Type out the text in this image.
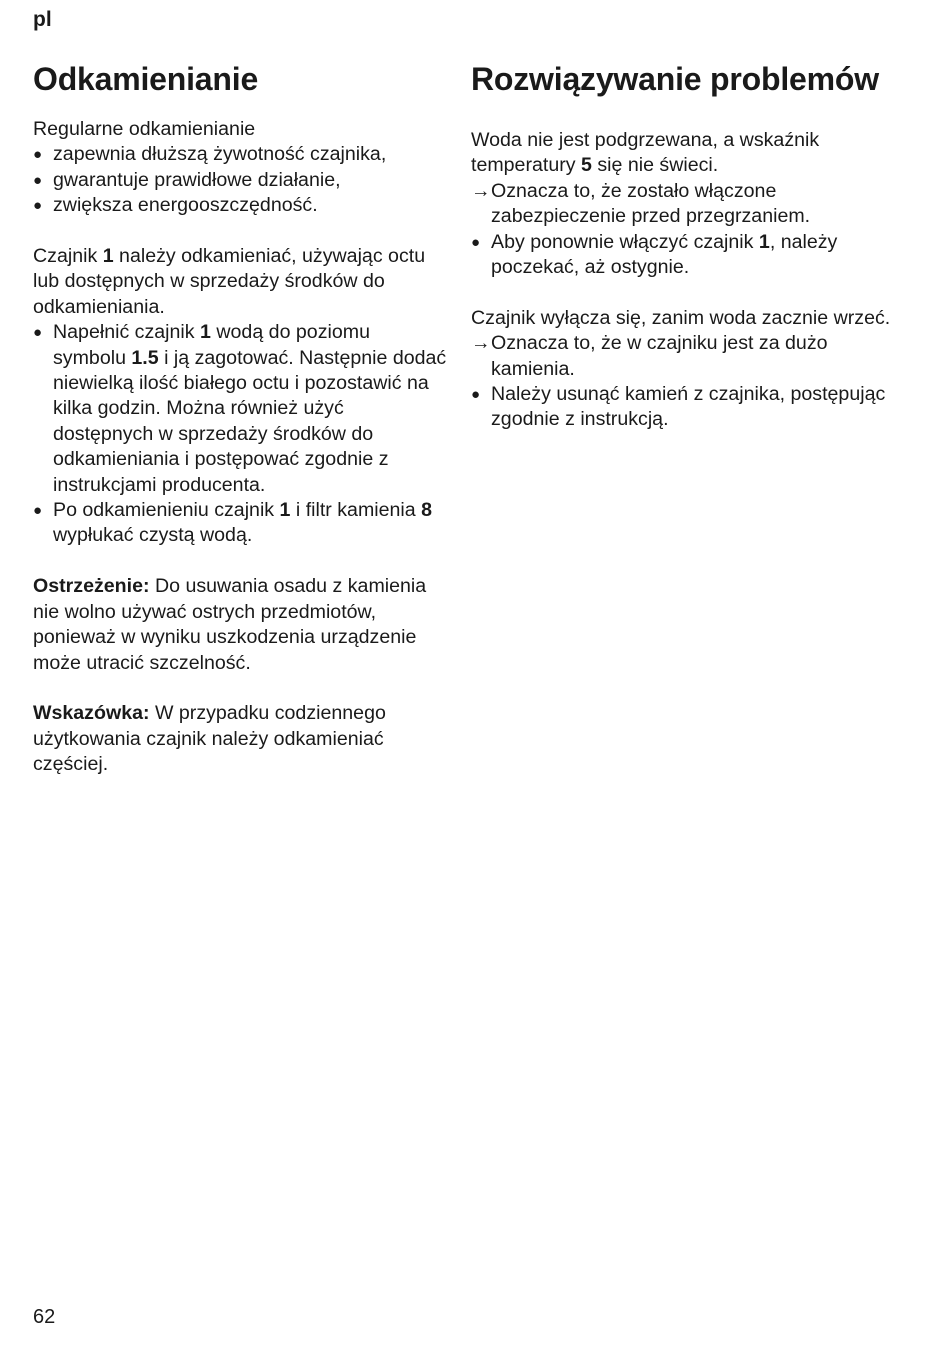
pl
Odkamienianie

Regularne odkamienianie

● zapewnia dłuższą żywotność czajnika,
● gwarantuje prawidłowe działanie,
● zwiększa energooszczędność.

Czajnik 1 należy odkamieniać, używając octu lub dostępnych w sprzedaży środków do odkamieniania.

● Napełnić czajnik 1 wodą do poziomu symbolu 1.5 i ją zagotować. Następnie dodać niewielką ilość białego octu i pozostawić na kilka godzin. Można również użyć dostępnych w sprzedaży środków do odkamieniania i postępować zgodnie z instrukcjami producenta.
● Po odkamienieniu czajnik 1 i filtr kamienia 8 wypłukać czystą wodą.

Ostrzeżenie: Do usuwania osadu z kamienia nie wolno używać ostrych przedmiotów, ponieważ w wyniku uszkodzenia urządzenie może utracić szczelność.

Wskazówka: W przypadku codziennego użytkowania czajnik należy odkamieniać częściej.

Rozwiązywanie problemów

Woda nie jest podgrzewana, a wskaźnik temperatury 5 się nie świeci.

→ Oznacza to, że zostało włączone zabezpieczenie przed przegrzaniem.
● Aby ponownie włączyć czajnik 1, należy poczekać, aż ostygnie.

Czajnik wyłącza się, zanim woda zacznie wrzeć.

→ Oznacza to, że w czajniku jest za dużo kamienia.
● Należy usunąć kamień z czajnika, postępując zgodnie z instrukcją.
62
